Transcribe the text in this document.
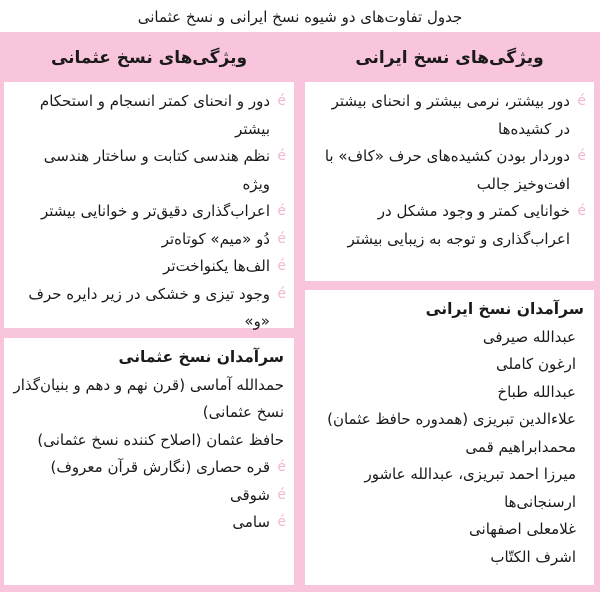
جدول تفاوت‌های دو شیوه نسخ ایرانی و نسخ عثمانی
ویژگی‌های نسخ ایرانی
é
دور بیشتر، نرمی بیشتر و انحنای بیشتر در کشیده‌ها
é
دوردار بودن کشیده‌های حرف «کاف» با افت‌وخیز جالب
é
خوانایی کمتر و وجود مشکل در اعراب‌گذاری و توجه به زیبایی بیشتر
سرآمدان نسخ ایرانی
عبدالله صیرفی
ارغون کاملی
عبدالله طباخ
علاءالدین تبریزی (همدوره حافظ عثمان)
محمدابراهیم قمی
میرزا احمد تبریزی، عبدالله عاشور
ارسنجانی‌ها
غلامعلی اصفهانی
اشرف الکتّاب
ویژگی‌های نسخ عثمانی
é
دور و انحنای کمتر انسجام و استحکام بیشتر
é
نظم هندسی کتابت و ساختار هندسی ویژه
é
اعراب‌گذاری دقیق‌تر و خوانایی بیشتر
é
دُو «میم» کوتاه‌تر
é
الف‌ها یکنواخت‌تر
é
وجود تیزی و خشکی در زیر دایره حرف «و»
سرآمدان نسخ عثمانی
حمدالله آماسی (قرن نهم و دهم و بنیان‌گذار نسخ عثمانی)
حافظ عثمان (اصلاح کننده نسخ عثمانی)
é
قره حصاری (نگارش قرآن معروف)
é
شوقی
é
سامی
